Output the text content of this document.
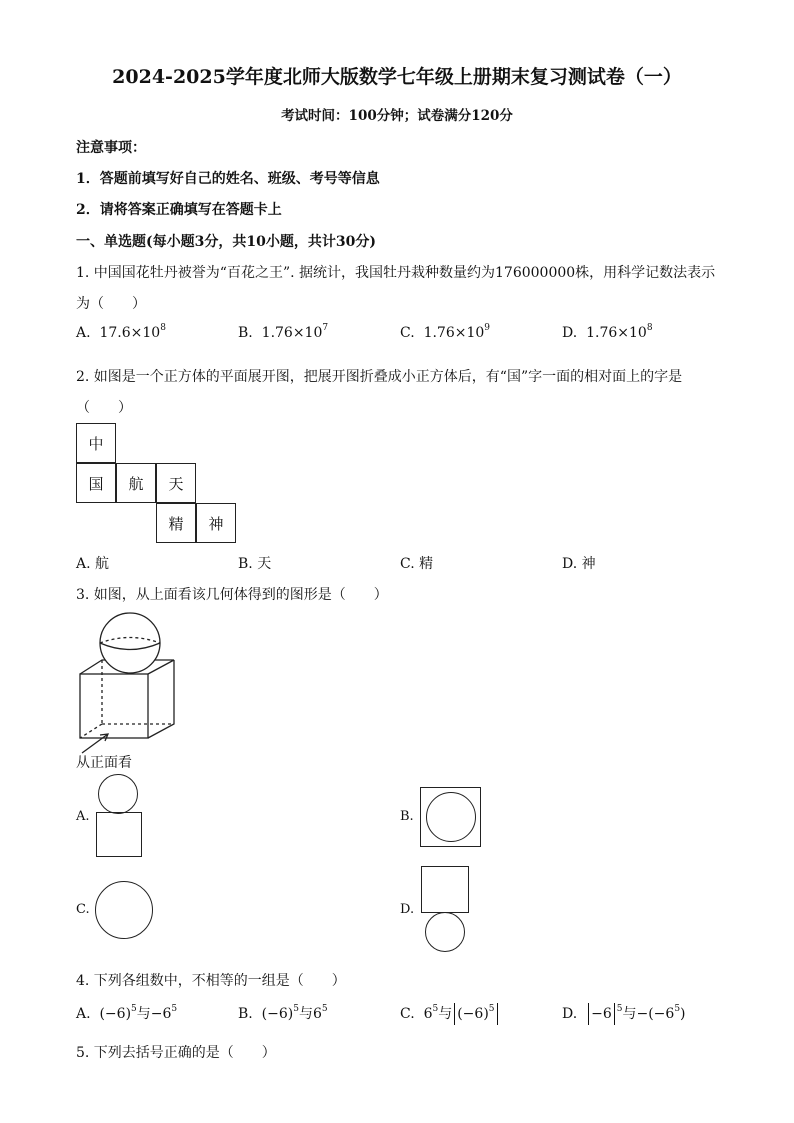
2024-2025学年度北师大版数学七年级上册期末复习测试卷（一）
考试时间：100分钟；试卷满分120分
注意事项：
1．答题前填写好自己的姓名、班级、考号等信息
2．请将答案正确填写在答题卡上
一、单选题(每小题3分，共10小题，共计30分)
1. 中国国花牡丹被誉为“百花之王”. 据统计，我国牡丹栽种数量约为176000000株，用科学记数法表示
为（　　）
A. $17.6\times 10^8$	B. $1.76\times 10^7$	C. $1.76\times 10^9$	D. $1.76\times 10^8$
2. 如图是一个正方体的平面展开图，把展开图折叠成小正方体后，有“国”字一面的相对面上的字是
（　　）
中
国	航	天
精	神
A. 航	B. 天	C. 精	D. 神
3. 如图，从上面看该几何体得到的图形是（　　）
从正面看
A.	B.
C.	D.
4. 下列各组数中，不相等的一组是（　　）
A.  $(-6)^5$与$-6^5$	B.  $(-6)^5$与$6^5$	C.  $6^5$与 $(-6)^5$	D. −6 $^5$与$-(-6^5)$
5. 下列去括号正确的是（　　）
